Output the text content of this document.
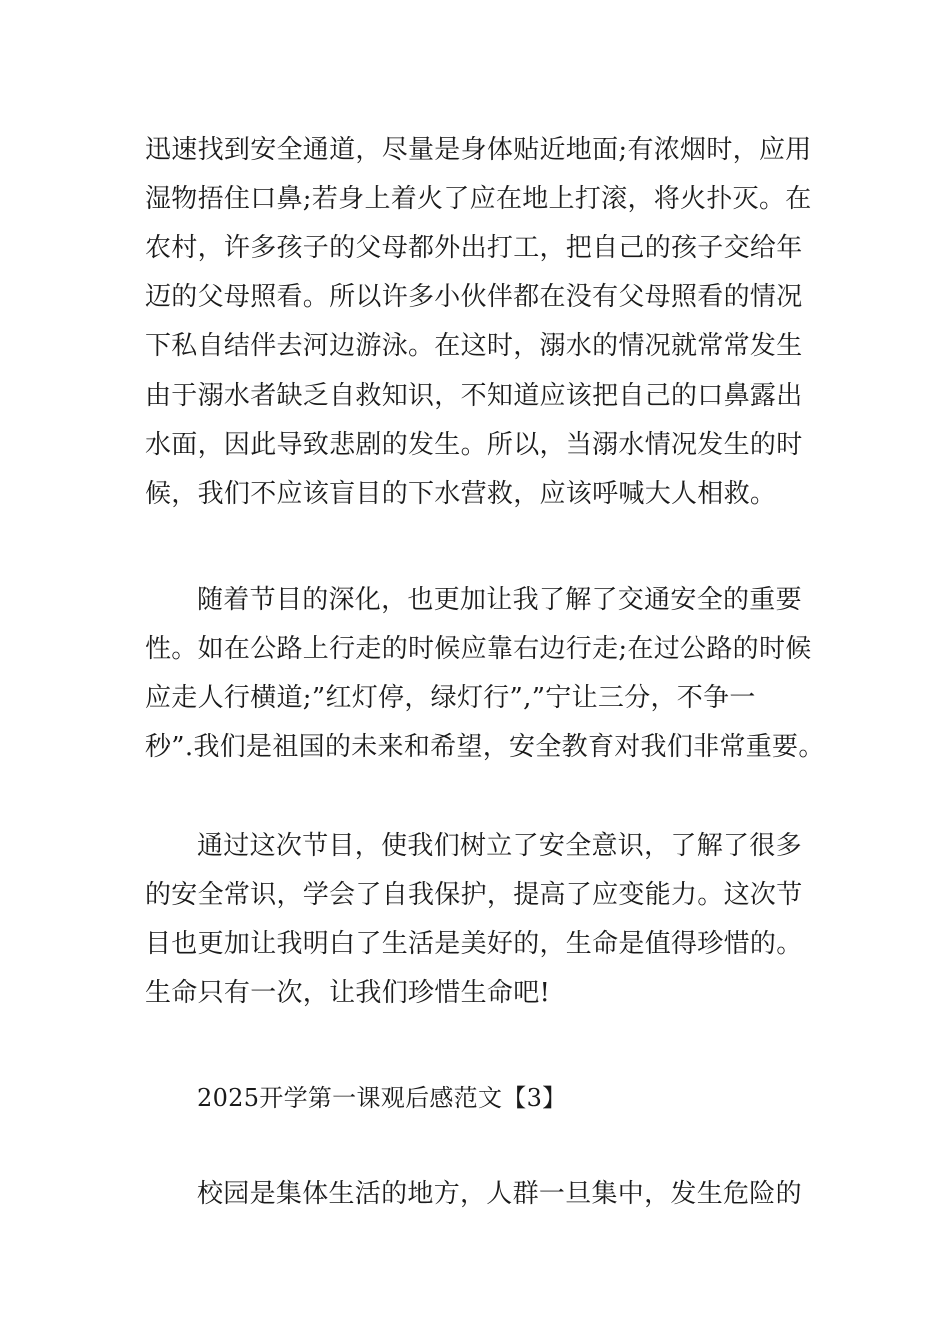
迅速找到安全通道，尽量是身体贴近地面;有浓烟时，应用
湿物捂住口鼻;若身上着火了应在地上打滚，将火扑灭。在
农村，许多孩子的父母都外出打工，把自己的孩子交给年
迈的父母照看。所以许多小伙伴都在没有父母照看的情况
下私自结伴去河边游泳。在这时，溺水的情况就常常发生
由于溺水者缺乏自救知识，不知道应该把自己的口鼻露出
水面，因此导致悲剧的发生。所以，当溺水情况发生的时
候，我们不应该盲目的下水营救，应该呼喊大人相救。
随着节目的深化，也更加让我了解了交通安全的重要
性。如在公路上行走的时候应靠右边行走;在过公路的时候
应走人行横道;”红灯停，绿灯行”,”宁让三分，不争一
秒”.我们是祖国的未来和希望，安全教育对我们非常重要。
通过这次节目，使我们树立了安全意识，了解了很多
的安全常识，学会了自我保护，提高了应变能力。这次节
目也更加让我明白了生活是美好的，生命是值得珍惜的。
生命只有一次，让我们珍惜生命吧!
2025开学第一课观后感范文【3】
校园是集体生活的地方，人群一旦集中，发生危险的
